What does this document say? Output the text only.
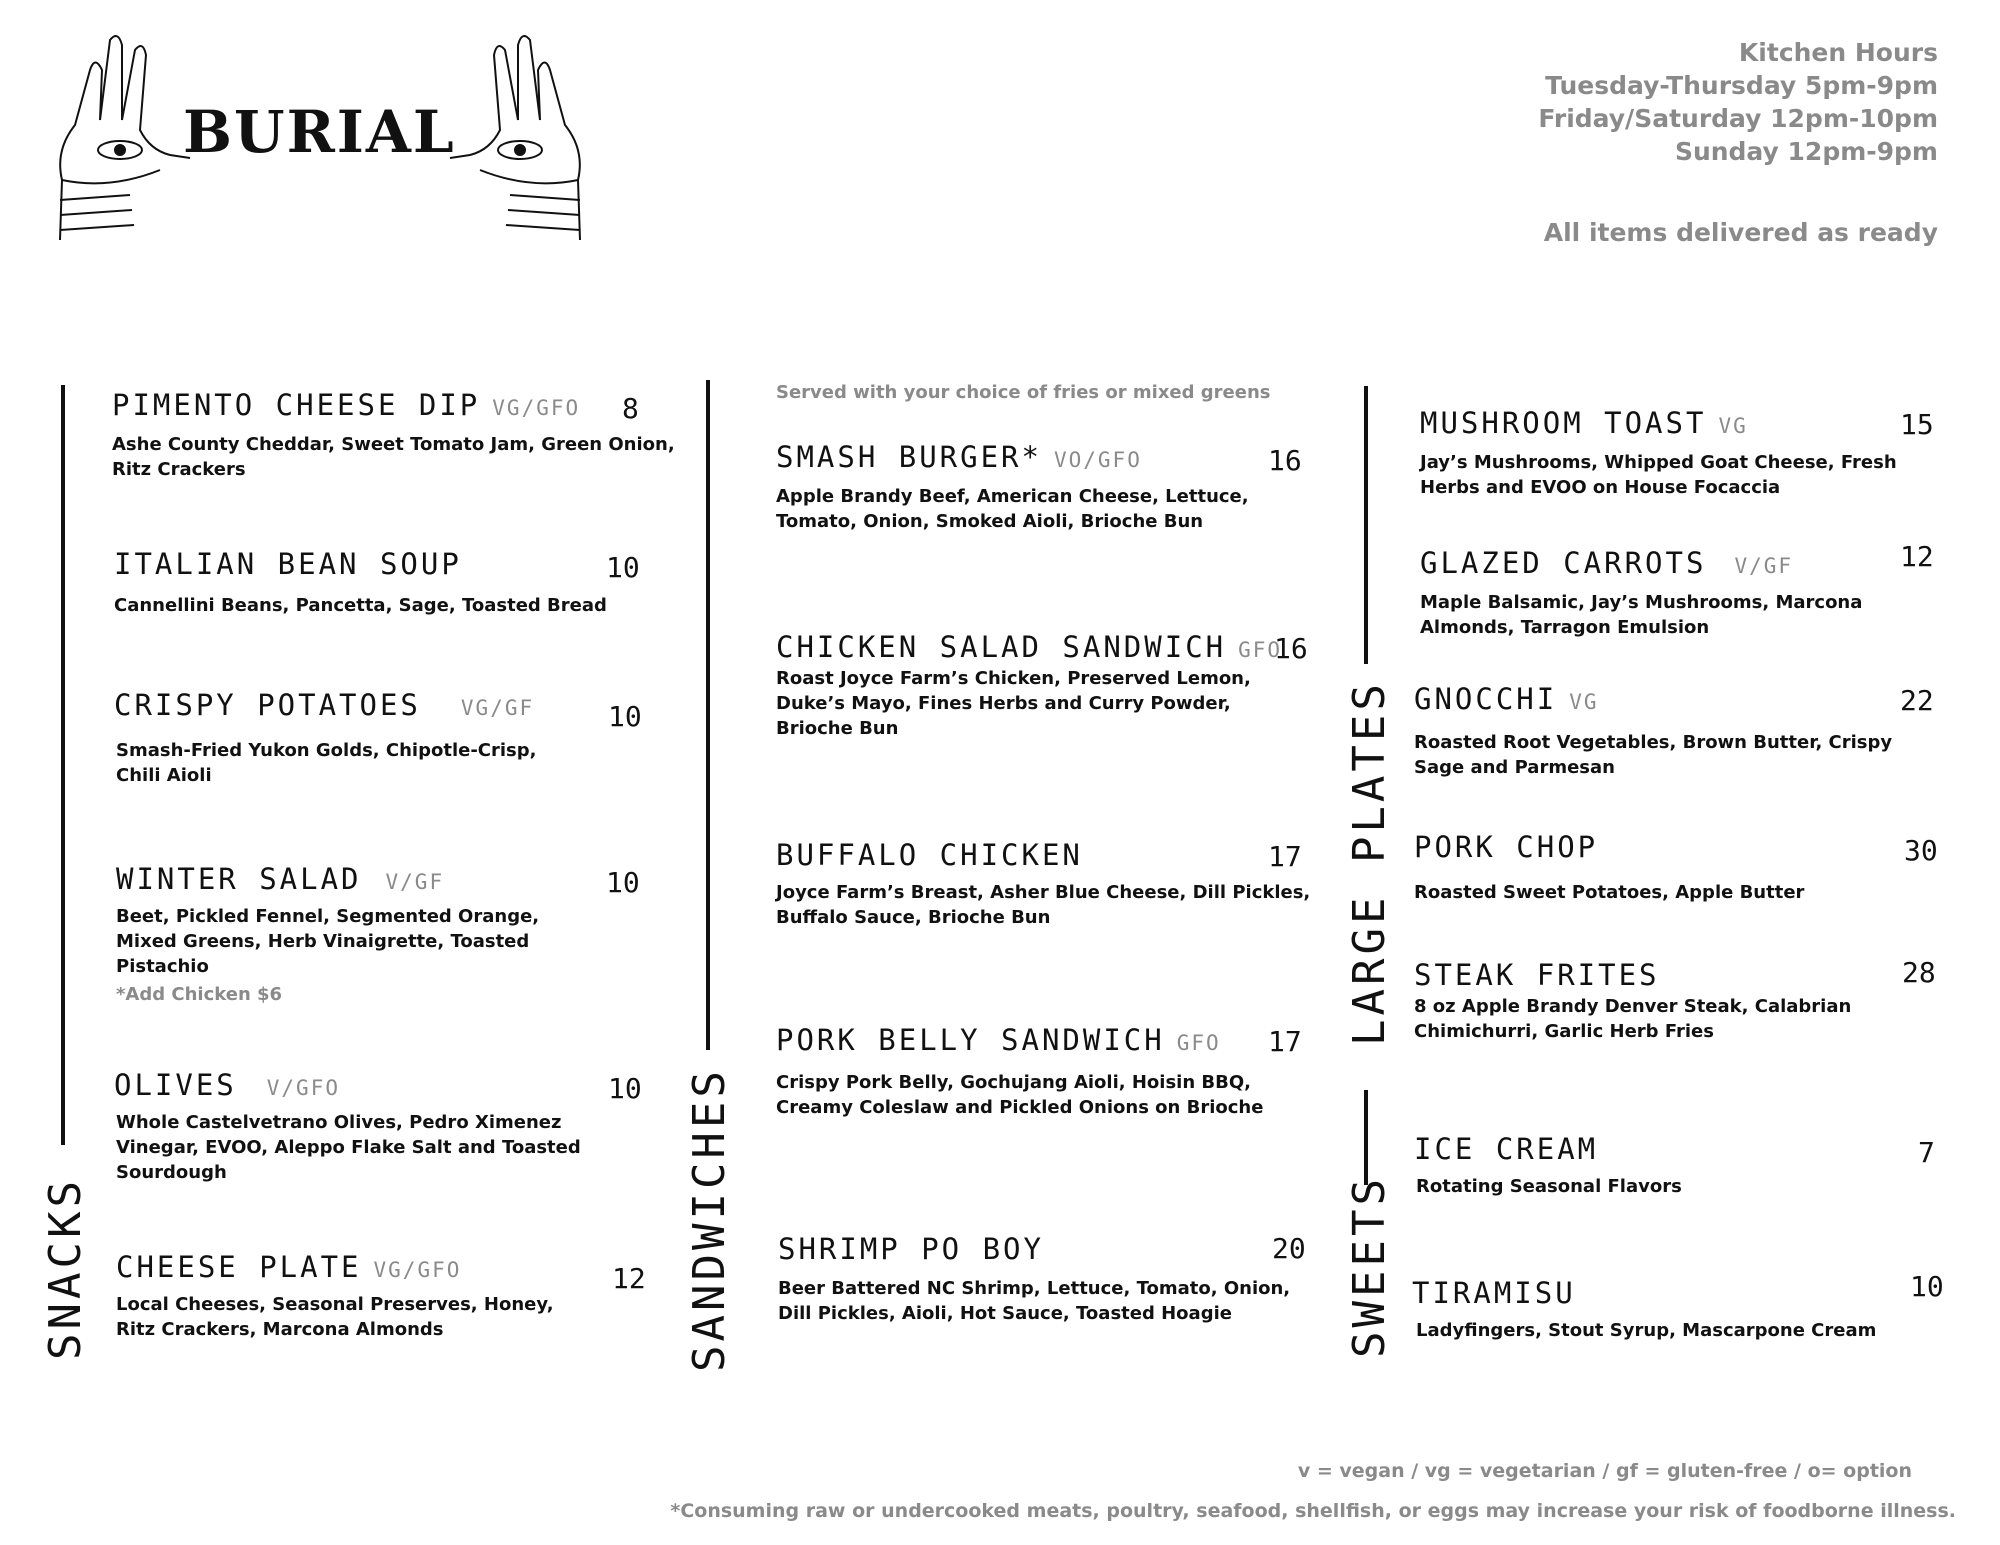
BURIAL
Kitchen Hours
Tuesday-Thursday 5pm-9pm
Friday/Saturday 12pm-10pm
Sunday 12pm-9pm
All items delivered as ready
SNACKS
PIMENTO CHEESE DIP VG/GFO 8
Ashe County Cheddar, Sweet Tomato Jam, Green Onion,
Ritz Crackers
ITALIAN BEAN SOUP	10
Cannellini Beans, Pancetta, Sage, Toasted Bread
CRISPY POTATOES VG/GF	10
Smash-Fried Yukon Golds, Chipotle-Crisp,
Chili Aioli
WINTER SALAD V/GF	10
Beet, Pickled Fennel, Segmented Orange,
Mixed Greens, Herb Vinaigrette, Toasted
Pistachio
*Add Chicken $6
OLIVES V/GFO	10
Whole Castelvetrano Olives, Pedro Ximenez
Vinegar, EVOO, Aleppo Flake Salt and Toasted
Sourdough
CHEESE PLATE VG/GFO	12
Local Cheeses, Seasonal Preserves, Honey,
Ritz Crackers, Marcona Almonds	SANDWICHES
Served with your choice of fries or mixed greens
SMASH BURGER* VO/GFO	16
Apple Brandy Beef, American Cheese, Lettuce,
Tomato, Onion, Smoked Aioli, Brioche Bun
CHICKEN SALAD SANDWICH GFO
16
Roast Joyce Farm’s Chicken, Preserved Lemon,
Duke’s Mayo, Fines Herbs and Curry Powder,
Brioche Bun
BUFFALO CHICKEN	17
Joyce Farm’s Breast, Asher Blue Cheese, Dill Pickles,
Buffalo Sauce, Brioche Bun
PORK BELLY SANDWICH GFO 17
Crispy Pork Belly, Gochujang Aioli, Hoisin BBQ,
Creamy Coleslaw and Pickled Onions on Brioche
SHRIMP PO BOY	20
Beer Battered NC Shrimp, Lettuce, Tomato, Onion,
Dill Pickles, Aioli, Hot Sauce, Toasted Hoagie
LARGE PLATES
SWEETS
MUSHROOM TOAST VG	15
Jay’s Mushrooms, Whipped Goat Cheese, Fresh
Herbs and EVOO on House Focaccia
GLAZED CARROTS V/GF	12
Maple Balsamic, Jay’s Mushrooms, Marcona
Almonds, Tarragon Emulsion
GNOCCHI VG	22
Roasted Root Vegetables, Brown Butter, Crispy
Sage and Parmesan
PORK CHOP	30
Roasted Sweet Potatoes, Apple Butter
STEAK FRITES	28
8 oz Apple Brandy Denver Steak, Calabrian
Chimichurri, Garlic Herb Fries
ICE CREAM	7
Rotating Seasonal Flavors
TIRAMISU	10
Ladyfingers, Stout Syrup, Mascarpone Cream
v = vegan / vg = vegetarian / gf = gluten-free / o= option
*Consuming raw or undercooked meats, poultry, seafood, shellfish, or eggs may increase your risk of foodborne illness.
